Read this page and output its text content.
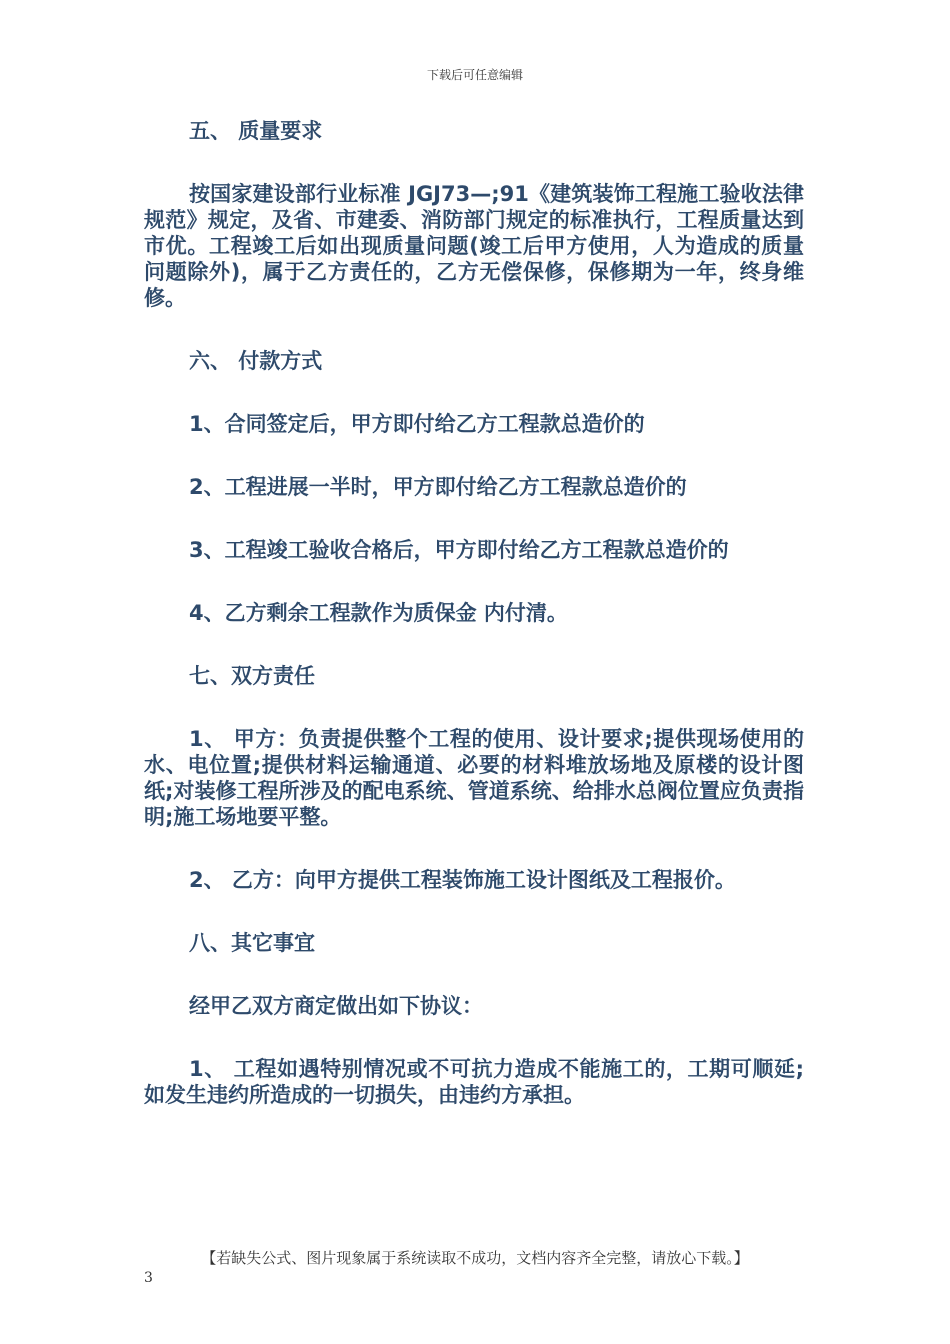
下载后可任意编辑

五、 质量要求

按国家建设部行业标准 JGJ73—;91《建筑装饰工程施工验收法律规范》规定，及省、市建委、消防部门规定的标准执行，工程质量达到市优。工程竣工后如出现质量问题(竣工后甲方使用，人为造成的质量问题除外)，属于乙方责任的，乙方无偿保修，保修期为一年，终身维修。

六、 付款方式

1、合同签定后，甲方即付给乙方工程款总造价的

2、工程进展一半时，甲方即付给乙方工程款总造价的

3、工程竣工验收合格后，甲方即付给乙方工程款总造价的

4、乙方剩余工程款作为质保金 内付清。

七、双方责任

1、 甲方：负责提供整个工程的使用、设计要求;提供现场使用的水、电位置;提供材料运输通道、必要的材料堆放场地及原楼的设计图纸;对装修工程所涉及的配电系统、管道系统、给排水总阀位置应负责指明;施工场地要平整。

2、 乙方：向甲方提供工程装饰施工设计图纸及工程报价。

八、其它事宜

经甲乙双方商定做出如下协议：

1、 工程如遇特别情况或不可抗力造成不能施工的，工期可顺延;如发生违约所造成的一切损失，由违约方承担。

【若缺失公式、图片现象属于系统读取不成功，文档内容齐全完整，请放心下载。】
3
